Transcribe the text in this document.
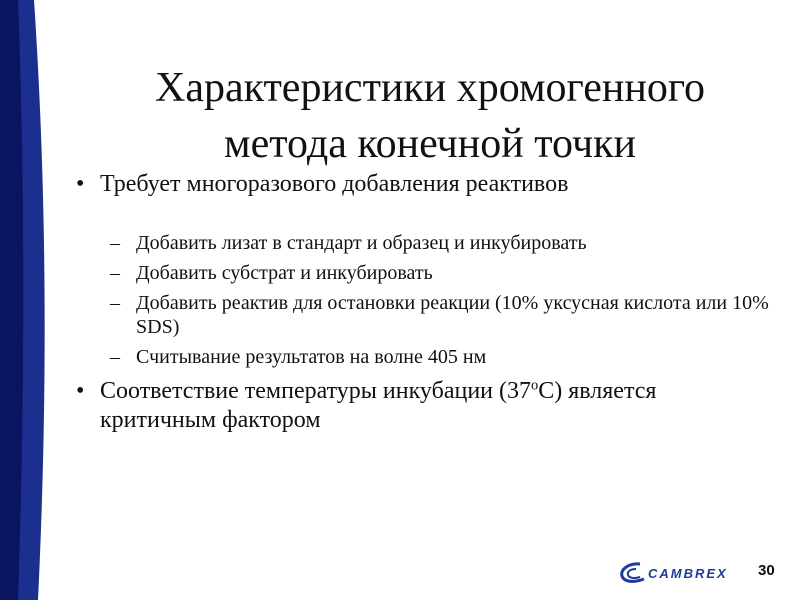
Характеристики хромогенного
метода конечной точки
• Требует многоразового добавления реактивов
– Добавить лизат в стандарт и образец и инкубировать
– Добавить субстрат и инкубировать
– Добавить реактив для остановки реакции (10% уксусная кислота или 10% SDS)
– Считывание результатов на волне 405 нм
• Соответствие температуры инкубации $(37^оС)$ является критичным фактором
CAMBREX 30
